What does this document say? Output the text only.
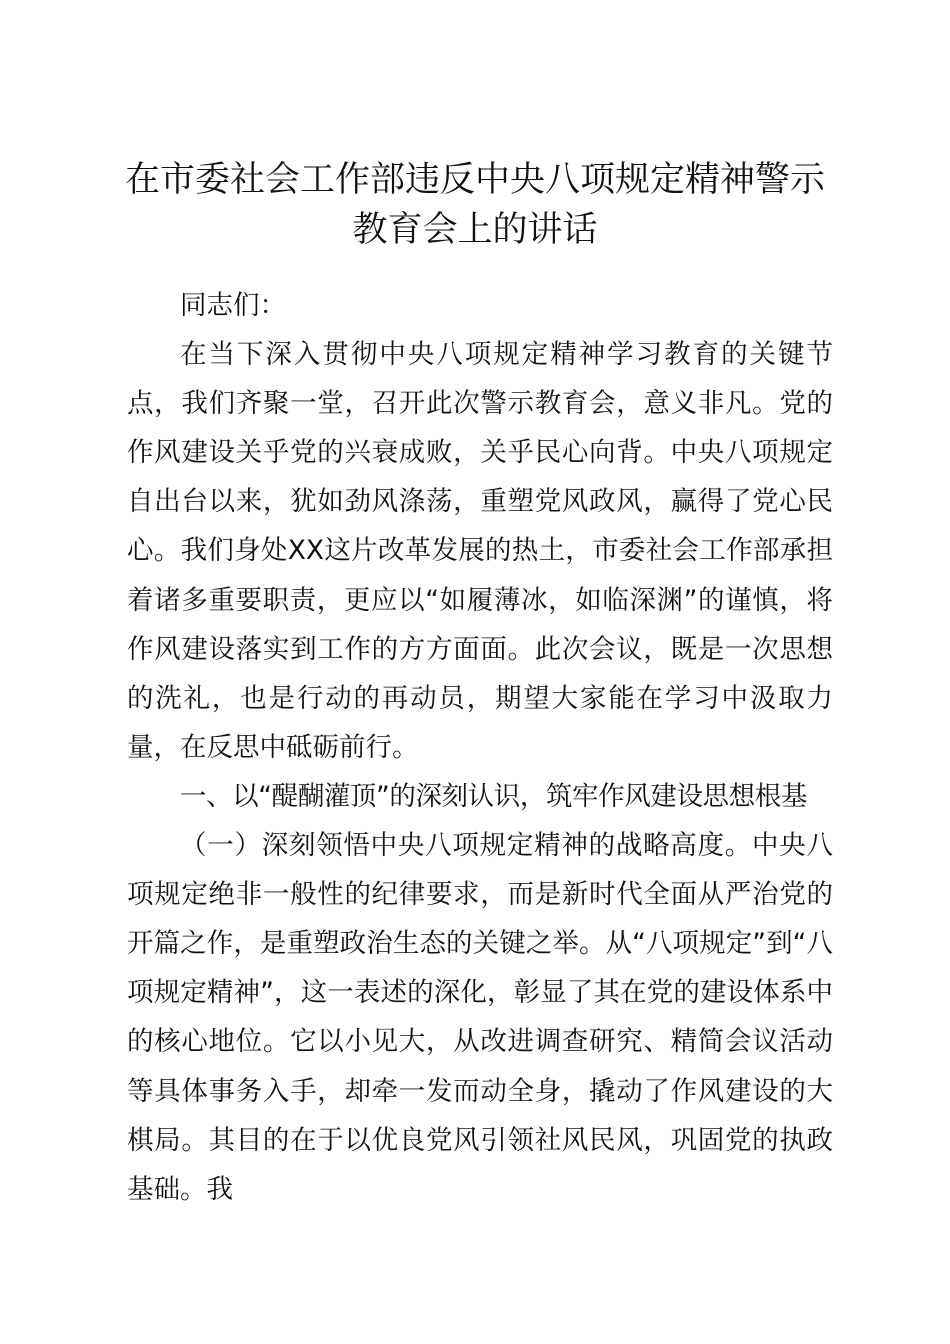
在市委社会工作部违反中央八项规定精神警示
教育会上的讲话

同志们：

在当下深入贯彻中央八项规定精神学习教育的关键节点，我们齐聚一堂，召开此次警示教育会，意义非凡。党的作风建设关乎党的兴衰成败，关乎民心向背。中央八项规定自出台以来，犹如劲风涤荡，重塑党风政风，赢得了党心民心。我们身处XX这片改革发展的热土，市委社会工作部承担着诸多重要职责，更应以“如履薄冰，如临深渊”的谨慎，将作风建设落实到工作的方方面面。此次会议，既是一次思想的洗礼，也是行动的再动员，期望大家能在学习中汲取力量，在反思中砥砺前行。

一、以“醍醐灌顶”的深刻认识，筑牢作风建设思想根基

（一）深刻领悟中央八项规定精神的战略高度。中央八项规定绝非一般性的纪律要求，而是新时代全面从严治党的开篇之作，是重塑政治生态的关键之举。从“八项规定”到“八项规定精神”，这一表述的深化，彰显了其在党的建设体系中的核心地位。它以小见大，从改进调查研究、精简会议活动等具体事务入手，却牵一发而动全身，撬动了作风建设的大棋局。其目的在于以优良党风引领社风民风，巩固党的执政基础。我
